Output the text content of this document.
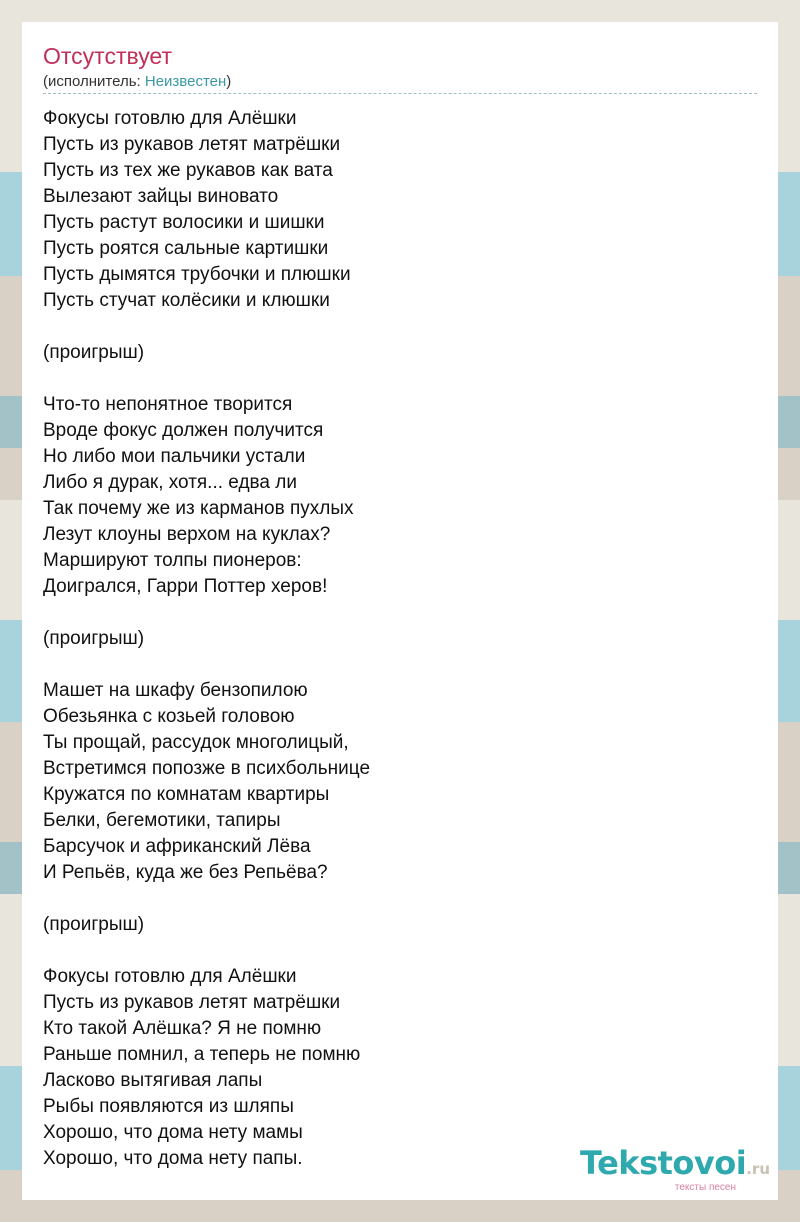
Отсутствует
(исполнитель: Неизвестен)
Фокусы готовлю для Алёшки
Пусть из рукавов летят матрёшки
Пусть из тех же рукавов как вата
Вылезают зайцы виновато
Пусть растут волосики и шишки
Пусть роятся сальные картишки
Пусть дымятся трубочки и плюшки
Пусть стучат колёсики и клюшки
(проигрыш)
Что-то непонятное творится
Вроде фокус должен получится
Но либо мои пальчики устали
Либо я дурак, хотя... едва ли
Так почему же из карманов пухлых
Лезут клоуны верхом на куклах?
Маршируют толпы пионеров:
Доигрался, Гарри Поттер херов!
(проигрыш)
Машет на шкафу бензопилою
Обезьянка с козьей головою
Ты прощай, рассудок многолицый,
Встретимся попозже в психбольнице
Кружатся по комнатам квартиры
Белки, бегемотики, тапиры
Барсучок и африканский Лёва
И Репьёв, куда же без Репьёва?
(проигрыш)
Фокусы готовлю для Алёшки
Пусть из рукавов летят матрёшки
Кто такой Алёшка? Я не помню
Раньше помнил, а теперь не помню
Ласково вытягивая лапы
Рыбы появляются из шляпы
Хорошо, что дома нету мамы
Хорошо, что дома нету папы.	Tekstovoi.ru
тексты песен
